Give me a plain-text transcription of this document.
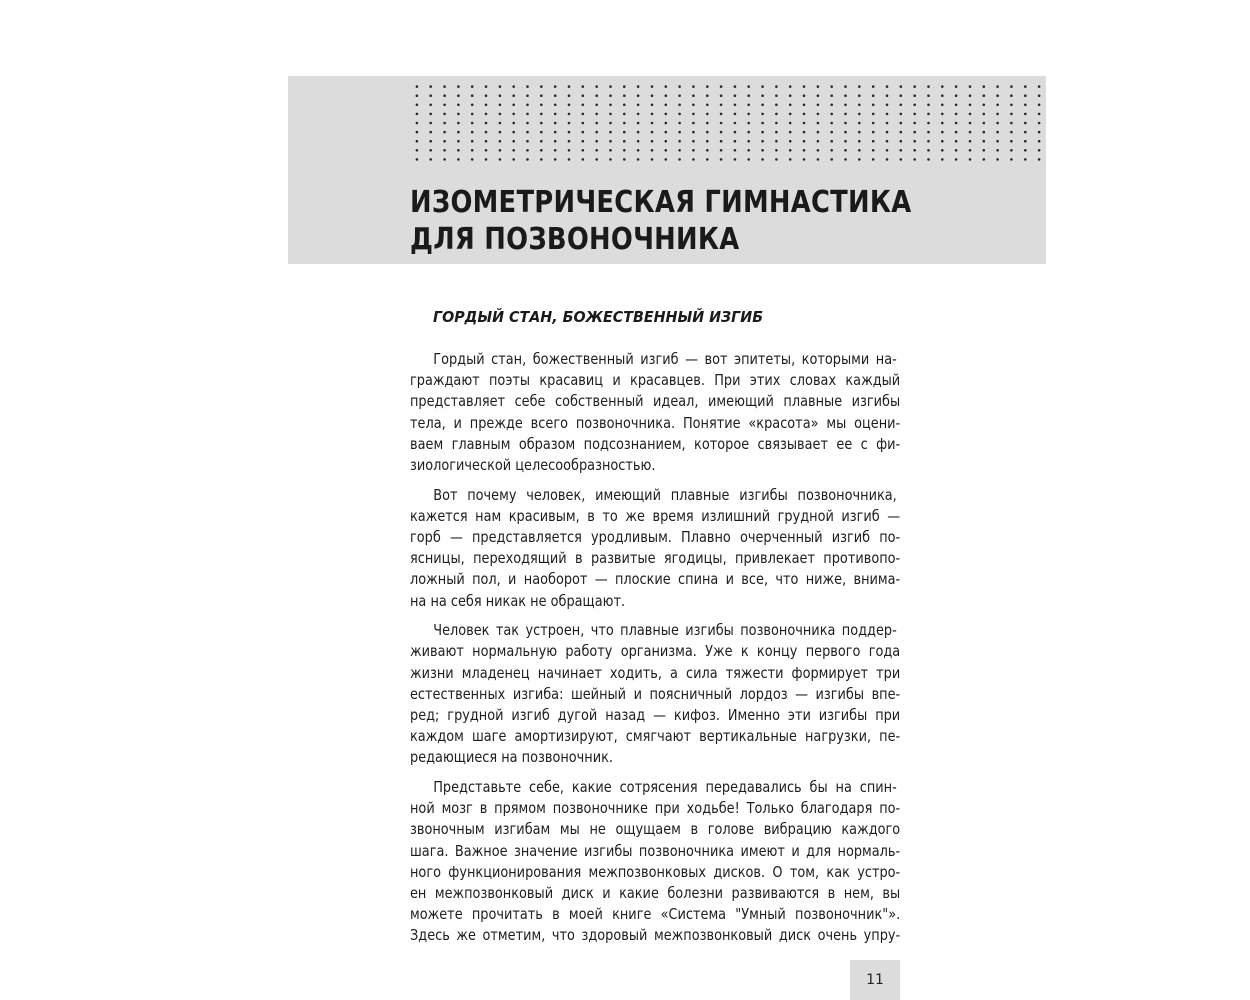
ИЗОМЕТРИЧЕСКАЯ ГИМНАСТИКА
ДЛЯ ПОЗВОНОЧНИКА
ГОРДЫЙ СТАН, БОЖЕСТВЕННЫЙ ИЗГИБ

Гордый стан, божественный изгиб — вот эпитеты, которыми на-
граждают поэты красавиц и красавцев. При этих словах каждый
представляет себе собственный идеал, имеющий плавные изгибы
тела, и прежде всего позвоночника. Понятие «красота» мы оцени-
ваем главным образом подсознанием, которое связывает ее с фи-
зиологической целесообразностью.

Вот почему человек, имеющий плавные изгибы позвоночника,
кажется нам красивым, в то же время излишний грудной изгиб —
горб — представляется уродливым. Плавно очерченный изгиб по-
ясницы, переходящий в развитые ягодицы, привлекает противопо-
ложный пол, и наоборот — плоские спина и все, что ниже, внима-
на на себя никак не обращают.

Человек так устроен, что плавные изгибы позвоночника поддер-
живают нормальную работу организма. Уже к концу первого года
жизни младенец начинает ходить, а сила тяжести формирует три
естественных изгиба: шейный и поясничный лордоз — изгибы впе-
ред; грудной изгиб дугой назад — кифоз. Именно эти изгибы при
каждом шаге амортизируют, смягчают вертикальные нагрузки, пе-
редающиеся на позвоночник.

Представьте себе, какие сотрясения передавались бы на спин-
ной мозг в прямом позвоночнике при ходьбе! Только благодаря по-
звоночным изгибам мы не ощущаем в голове вибрацию каждого
шага. Важное значение изгибы позвоночника имеют и для нормаль-
ного функционирования межпозвонковых дисков. О том, как устро-
ен межпозвонковый диск и какие болезни развиваются в нем, вы
можете прочитать в моей книге «Система "Умный позвоночник"».
Здесь же отметим, что здоровый межпозвонковый диск очень упру-

11
